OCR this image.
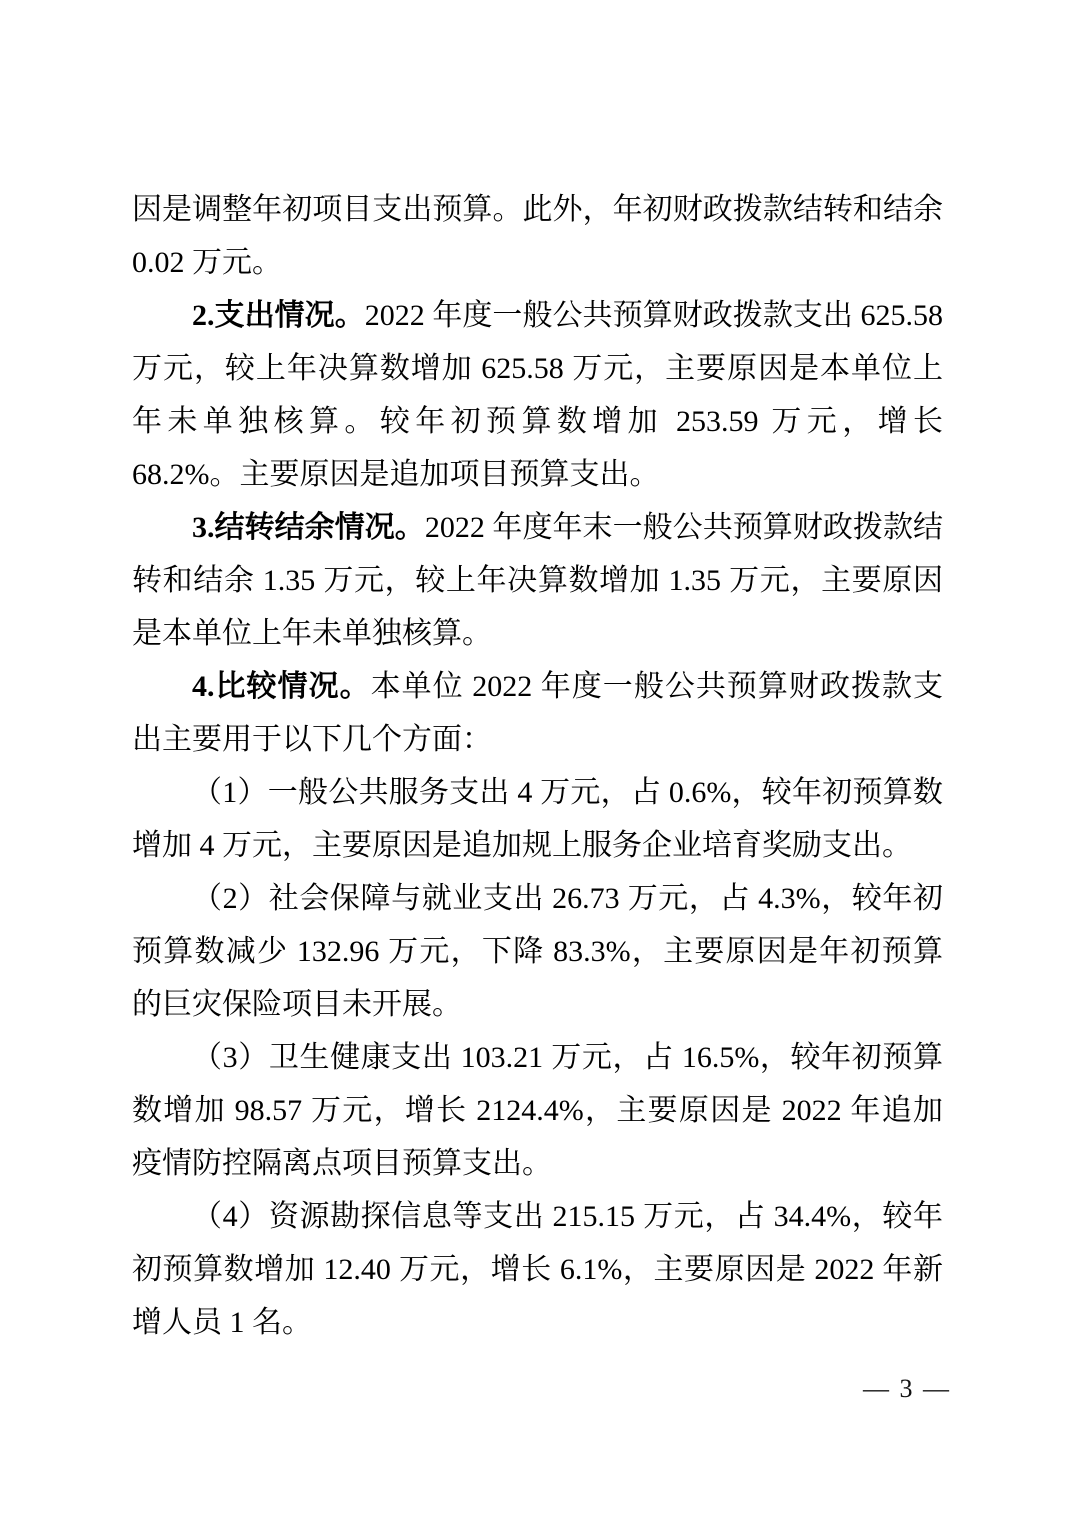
因是调整年初项目支出预算。此外，年初财政拨款结转和结余 0.02 万元。

2.支出情况。2022 年度一般公共预算财政拨款支出 625.58 万元，较上年决算数增加 625.58 万元，主要原因是本单位上年未单独核算。较年初预算数增加 253.59 万元，增长 68.2%。主要原因是追加项目预算支出。

3.结转结余情况。2022 年度年末一般公共预算财政拨款结转和结余 1.35 万元，较上年决算数增加 1.35 万元，主要原因是本单位上年未单独核算。

4.比较情况。本单位 2022 年度一般公共预算财政拨款支出主要用于以下几个方面：

（1）一般公共服务支出 4 万元，占 0.6%，较年初预算数增加 4 万元，主要原因是追加规上服务企业培育奖励支出。

（2）社会保障与就业支出 26.73 万元，占 4.3%，较年初预算数减少 132.96 万元，下降 83.3%，主要原因是年初预算的巨灾保险项目未开展。

（3）卫生健康支出 103.21 万元，占 16.5%，较年初预算数增加 98.57 万元，增长 2124.4%，主要原因是 2022 年追加疫情防控隔离点项目预算支出。

（4）资源勘探信息等支出 215.15 万元，占 34.4%，较年初预算数增加 12.40 万元，增长 6.1%，主要原因是 2022 年新增人员 1 名。

— 3 —
